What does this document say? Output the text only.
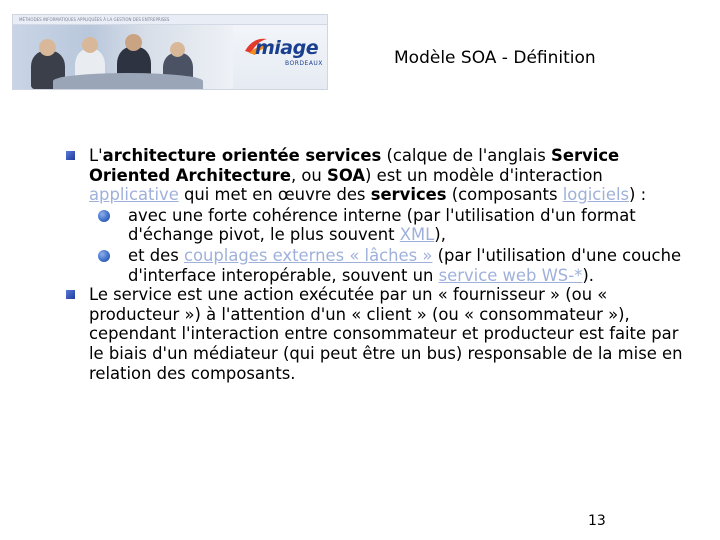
MÉTHODES INFORMATIQUES APPLIQUÉES À LA GESTION DES ENTREPRISES
miage
BORDEAUX	Modèle SOA - Définition
L'architecture orientée services (calque de l'anglais Service Oriented Architecture, ou SOA) est un modèle d'interaction applicative qui met en œuvre des services (composants logiciels) :
avec une forte cohérence interne (par l'utilisation d'un format d'échange pivot, le plus souvent XML),
et des couplages externes « lâches » (par l'utilisation d'une couche d'interface interopérable, souvent un service web WS-*).
Le service est une action exécutée par un « fournisseur » (ou « producteur ») à l'attention d'un « client » (ou « consommateur »), cependant l'interaction entre consommateur et producteur est faite par le biais d'un médiateur (qui peut être un bus) responsable de la mise en relation des composants.
13
